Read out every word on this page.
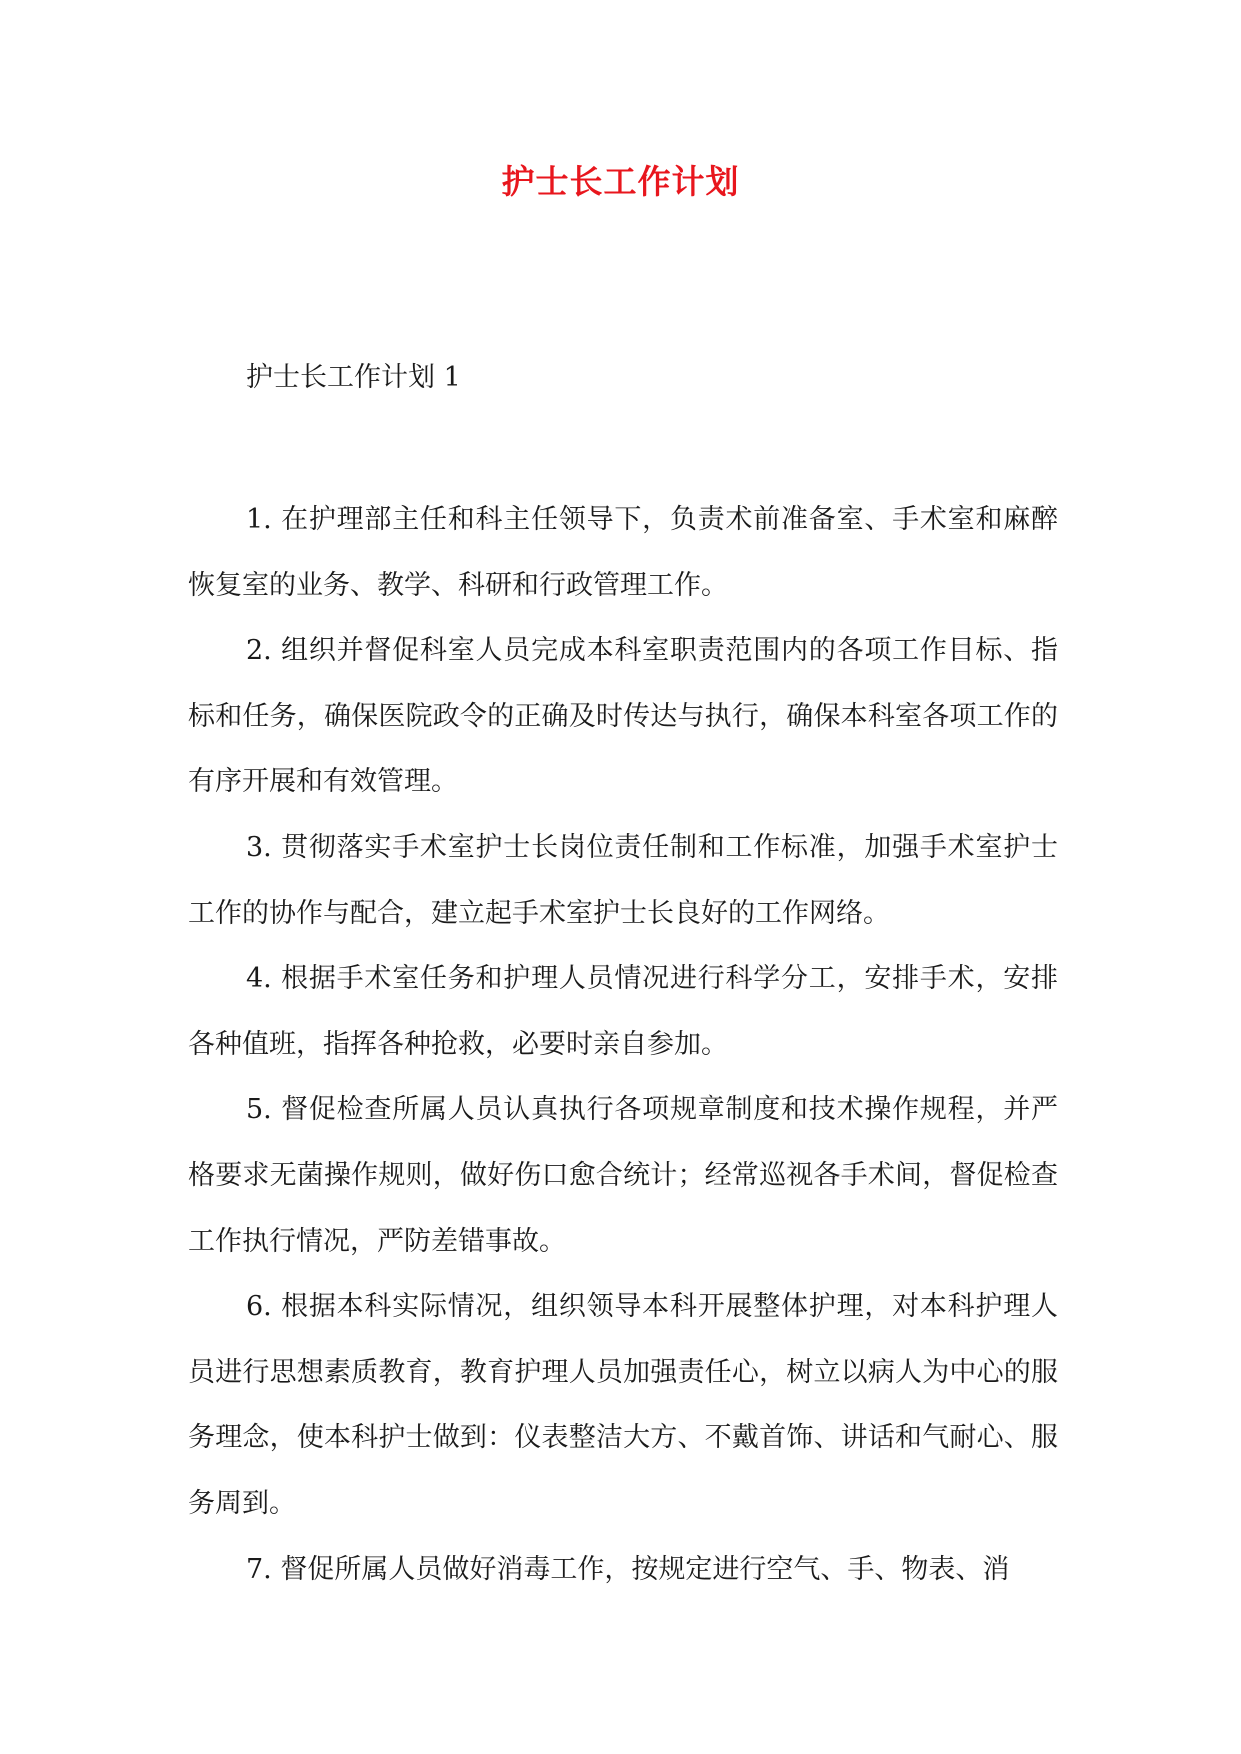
护士长工作计划

护士长工作计划 1

1. 在护理部主任和科主任领导下，负责术前准备室、手术室和麻醉恢复室的业务、教学、科研和行政管理工作。

2. 组织并督促科室人员完成本科室职责范围内的各项工作目标、指标和任务，确保医院政令的正确及时传达与执行，确保本科室各项工作的有序开展和有效管理。

3. 贯彻落实手术室护士长岗位责任制和工作标准，加强手术室护士工作的协作与配合，建立起手术室护士长良好的工作网络。

4. 根据手术室任务和护理人员情况进行科学分工，安排手术，安排各种值班，指挥各种抢救，必要时亲自参加。

5. 督促检查所属人员认真执行各项规章制度和技术操作规程，并严格要求无菌操作规则，做好伤口愈合统计；经常巡视各手术间，督促检查工作执行情况，严防差错事故。

6. 根据本科实际情况，组织领导本科开展整体护理，对本科护理人员进行思想素质教育，教育护理人员加强责任心，树立以病人为中心的服务理念，使本科护士做到：仪表整洁大方、不戴首饰、讲话和气耐心、服务周到。

7. 督促所属人员做好消毒工作，按规定进行空气、手、物表、消
